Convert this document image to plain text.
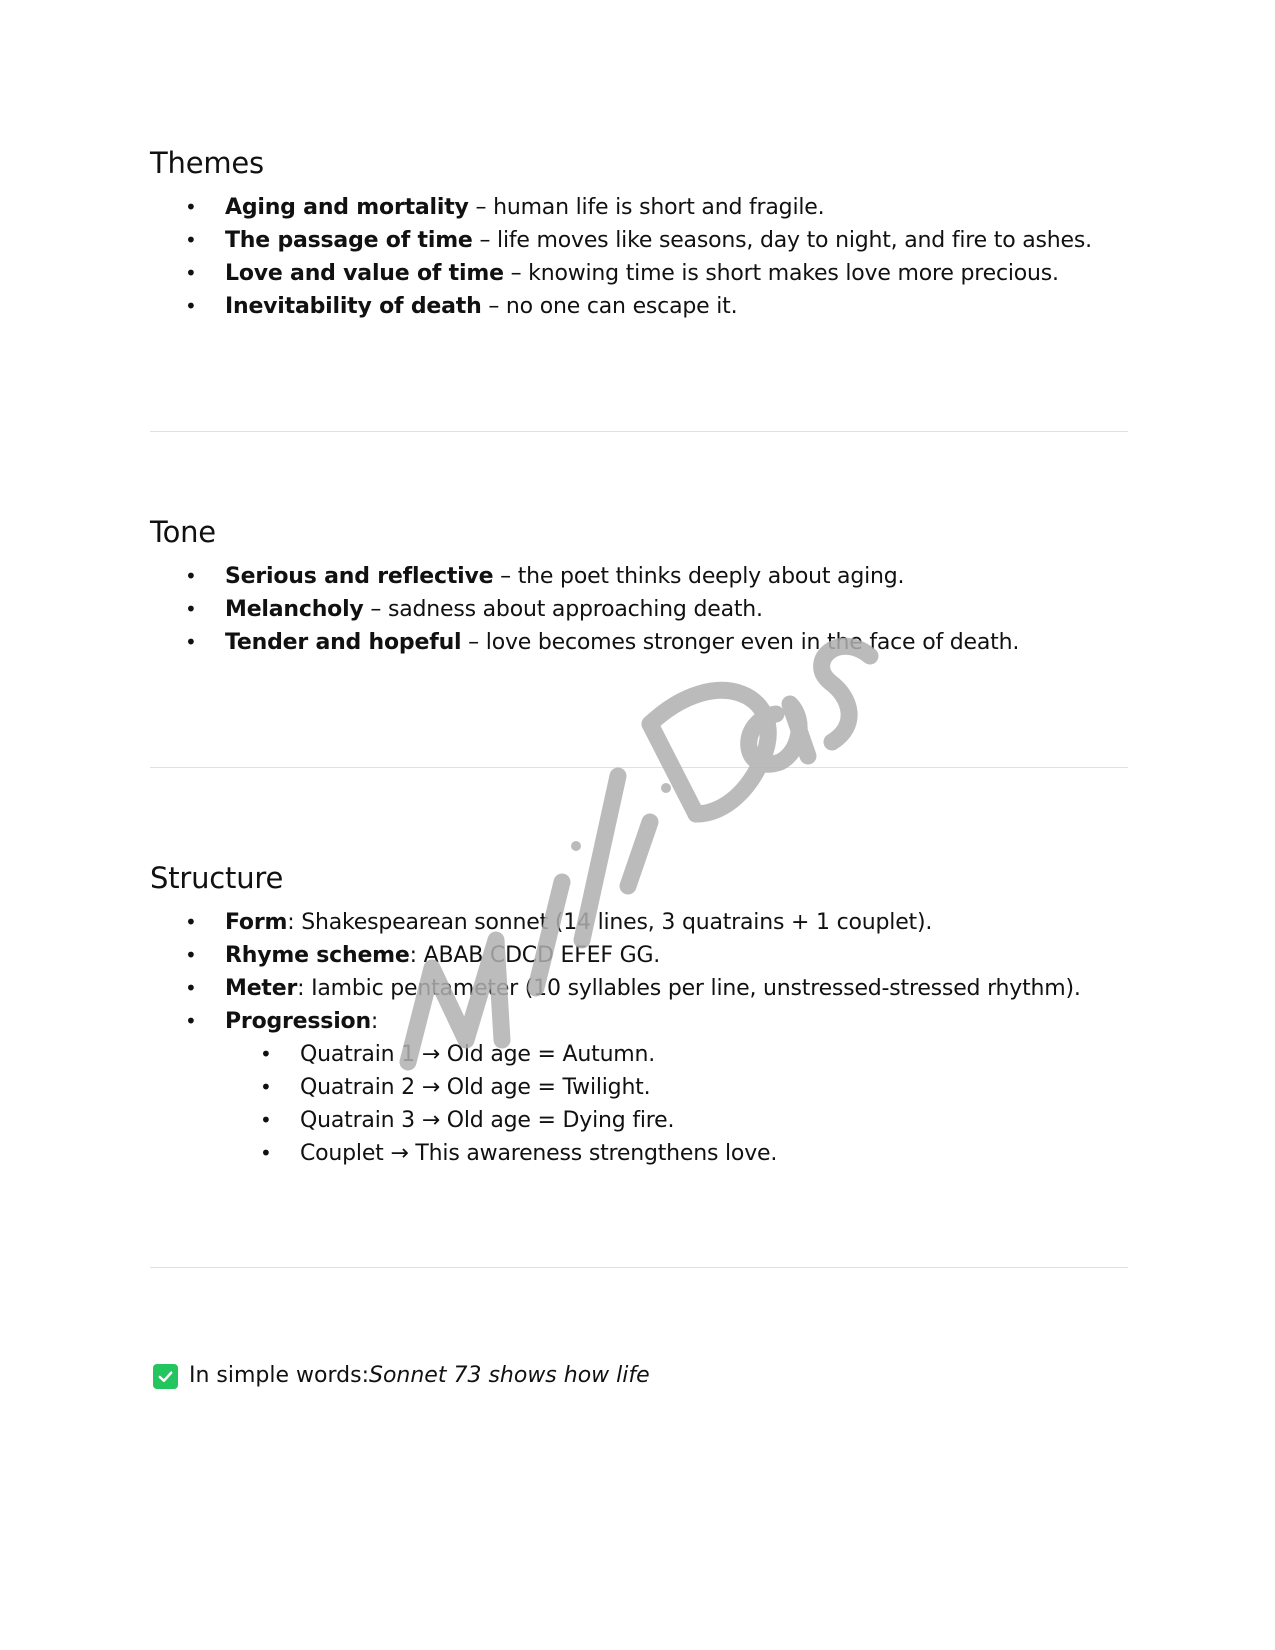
Themes
• Aging and mortality – human life is short and fragile.
• The passage of time – life moves like seasons, day to night, and fire to ashes.
• Love and value of time – knowing time is short makes love more precious.
• Inevitability of death – no one can escape it.
Tone
• Serious and reflective – the poet thinks deeply about aging.
• Melancholy – sadness about approaching death.
• Tender and hopeful – love becomes stronger even in the face of death.
Structure
• Form: Shakespearean sonnet (14 lines, 3 quatrains + 1 couplet).
• Rhyme scheme: ABAB CDCD EFEF GG.
• Meter: Iambic pentameter (10 syllables per line, unstressed-stressed rhythm).
• Progression:
• Quatrain 1 → Old age = Autumn.
• Quatrain 2 → Old age = Twilight.
• Quatrain 3 → Old age = Dying fire.
• Couplet → This awareness strengthens love.
In simple words: Sonnet 73 shows how life
